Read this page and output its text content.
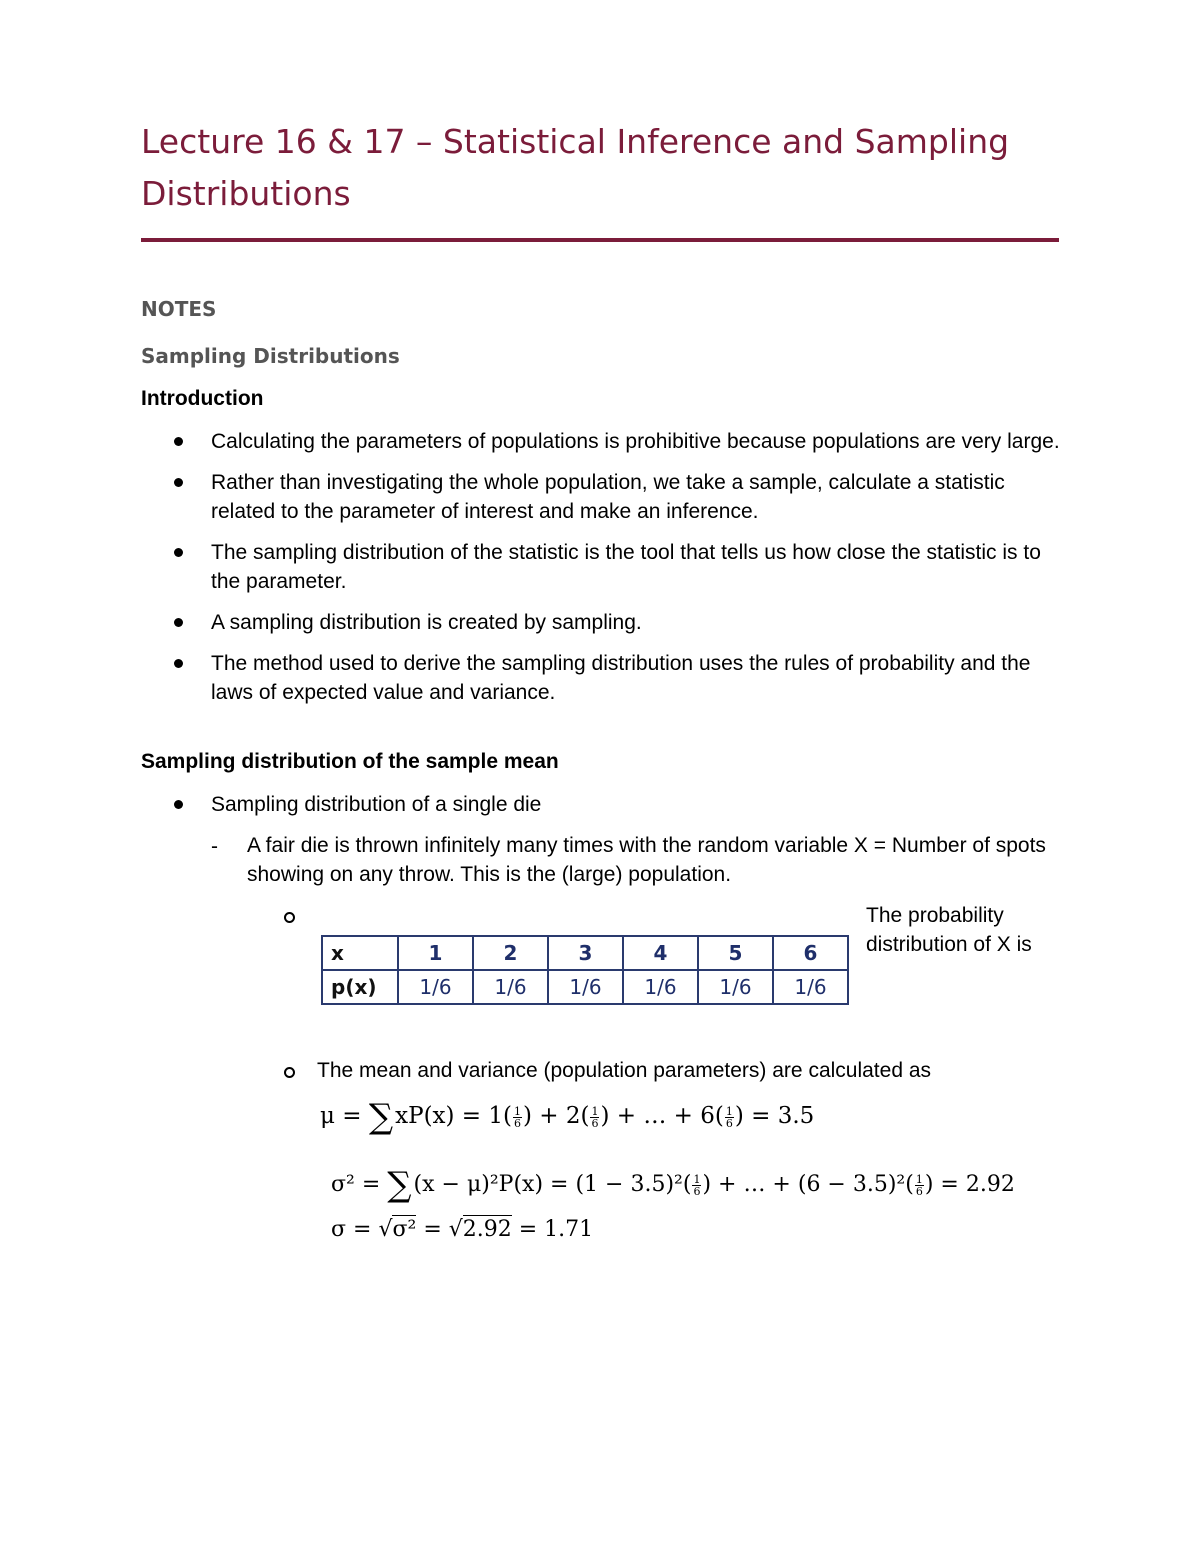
Lecture 16 & 17 – Statistical Inference and Sampling
Distributions
NOTES
Sampling Distributions
Introduction
Calculating the parameters of populations is prohibitive because populations are very large.
Rather than investigating the whole population, we take a sample, calculate a statistic related to the parameter of interest and make an inference.
The sampling distribution of the statistic is the tool that tells us how close the statistic is to the parameter.
A sampling distribution is created by sampling.
The method used to derive the sampling distribution uses the rules of probability and the laws of expected value and variance.
Sampling distribution of the sample mean
Sampling distribution of a single die
- A fair die is thrown infinitely many times with the random variable X = Number of spots showing on any throw. This is the (large) population.
The probability distribution of X is
x	1	2	3	4	5	6
p(x)	1/6	1/6	1/6	1/6	1/6	1/6
The mean and variance (population parameters) are calculated as
$\mu = \sum xP(x) = 1( \frac{1}{6}$ ) + $2( \frac{1}{6}$ ) + … + $6( \frac{1}{6}$ ) = 3.5
$\sigma^2 = \sum(x - \mu)^2P(x) = (1 - 3.5)^2( \frac{1}{6}$ ) + … + $(6 - 3.5)^2( \frac{1}{6}$ ) = 2.92
σ = √σ² = √2.92 = 1.71
